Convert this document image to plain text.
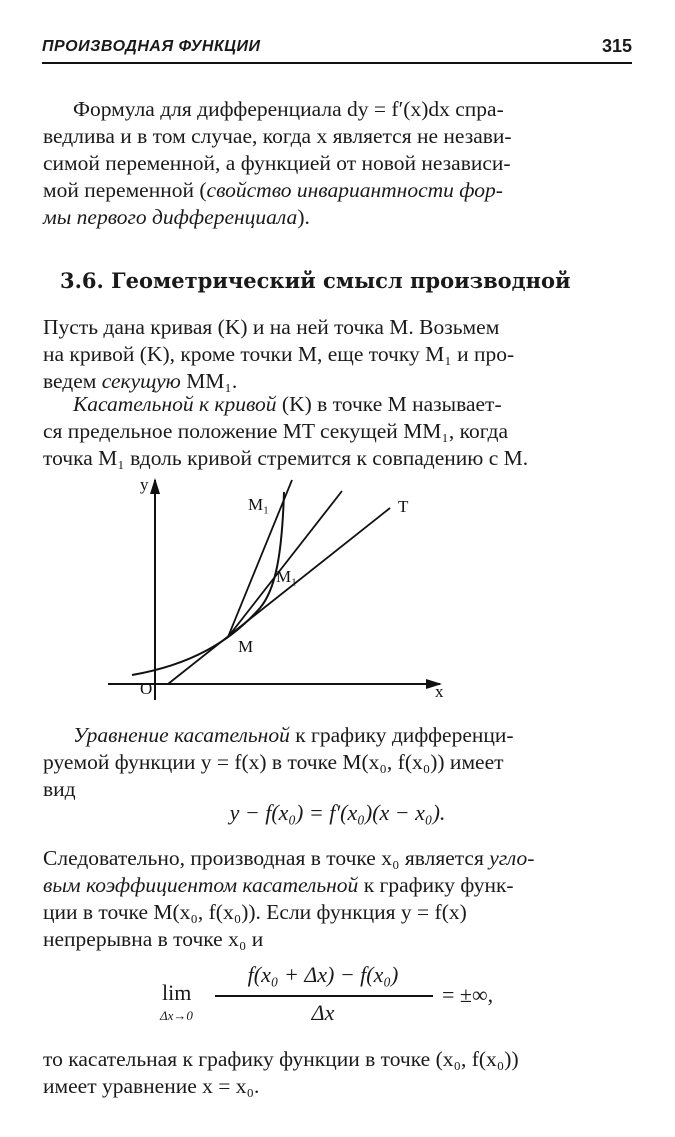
ПРОИЗВОДНАЯ ФУНКЦИИ	315
Формула для дифференциала dy = f′(x)dx спра-
ведлива и в том случае, когда x является не незави-
симой переменной, а функцией от новой независи-
мой переменной (свойство инвариантности фор-
мы первого дифференциала).
3.6. Геометрический смысл производной
Пусть дана кривая (K) и на ней точка M. Возьмем
на кривой (K), кроме точки M, еще точку M₁ и про-
ведем секущую MM₁.
Касательной к кривой (K) в точке M называет-
ся предельное положение MT секущей MM₁, когда
точка M₁ вдоль кривой стремится к совпадению с M.
y
x
O
M₁
M₁
M
T
Уравнение касательной к графику дифференци-
руемой функции y = f(x) в точке M(x₀, f(x₀)) имеет
вид
y − f(x₀) = f′(x₀)(x − x₀).
Следовательно, производная в точке x₀ является угло-
вым коэффициентом касательной к графику функ-
ции в точке M(x₀, f(x₀)). Если функция y = f(x)
непрерывна в точке x₀ и
lim
Δx→0
f(x₀ + Δx) − f(x₀)
Δx
= ±∞,
то касательная к графику функции в точке (x₀, f(x₀))
имеет уравнение x = x₀.
